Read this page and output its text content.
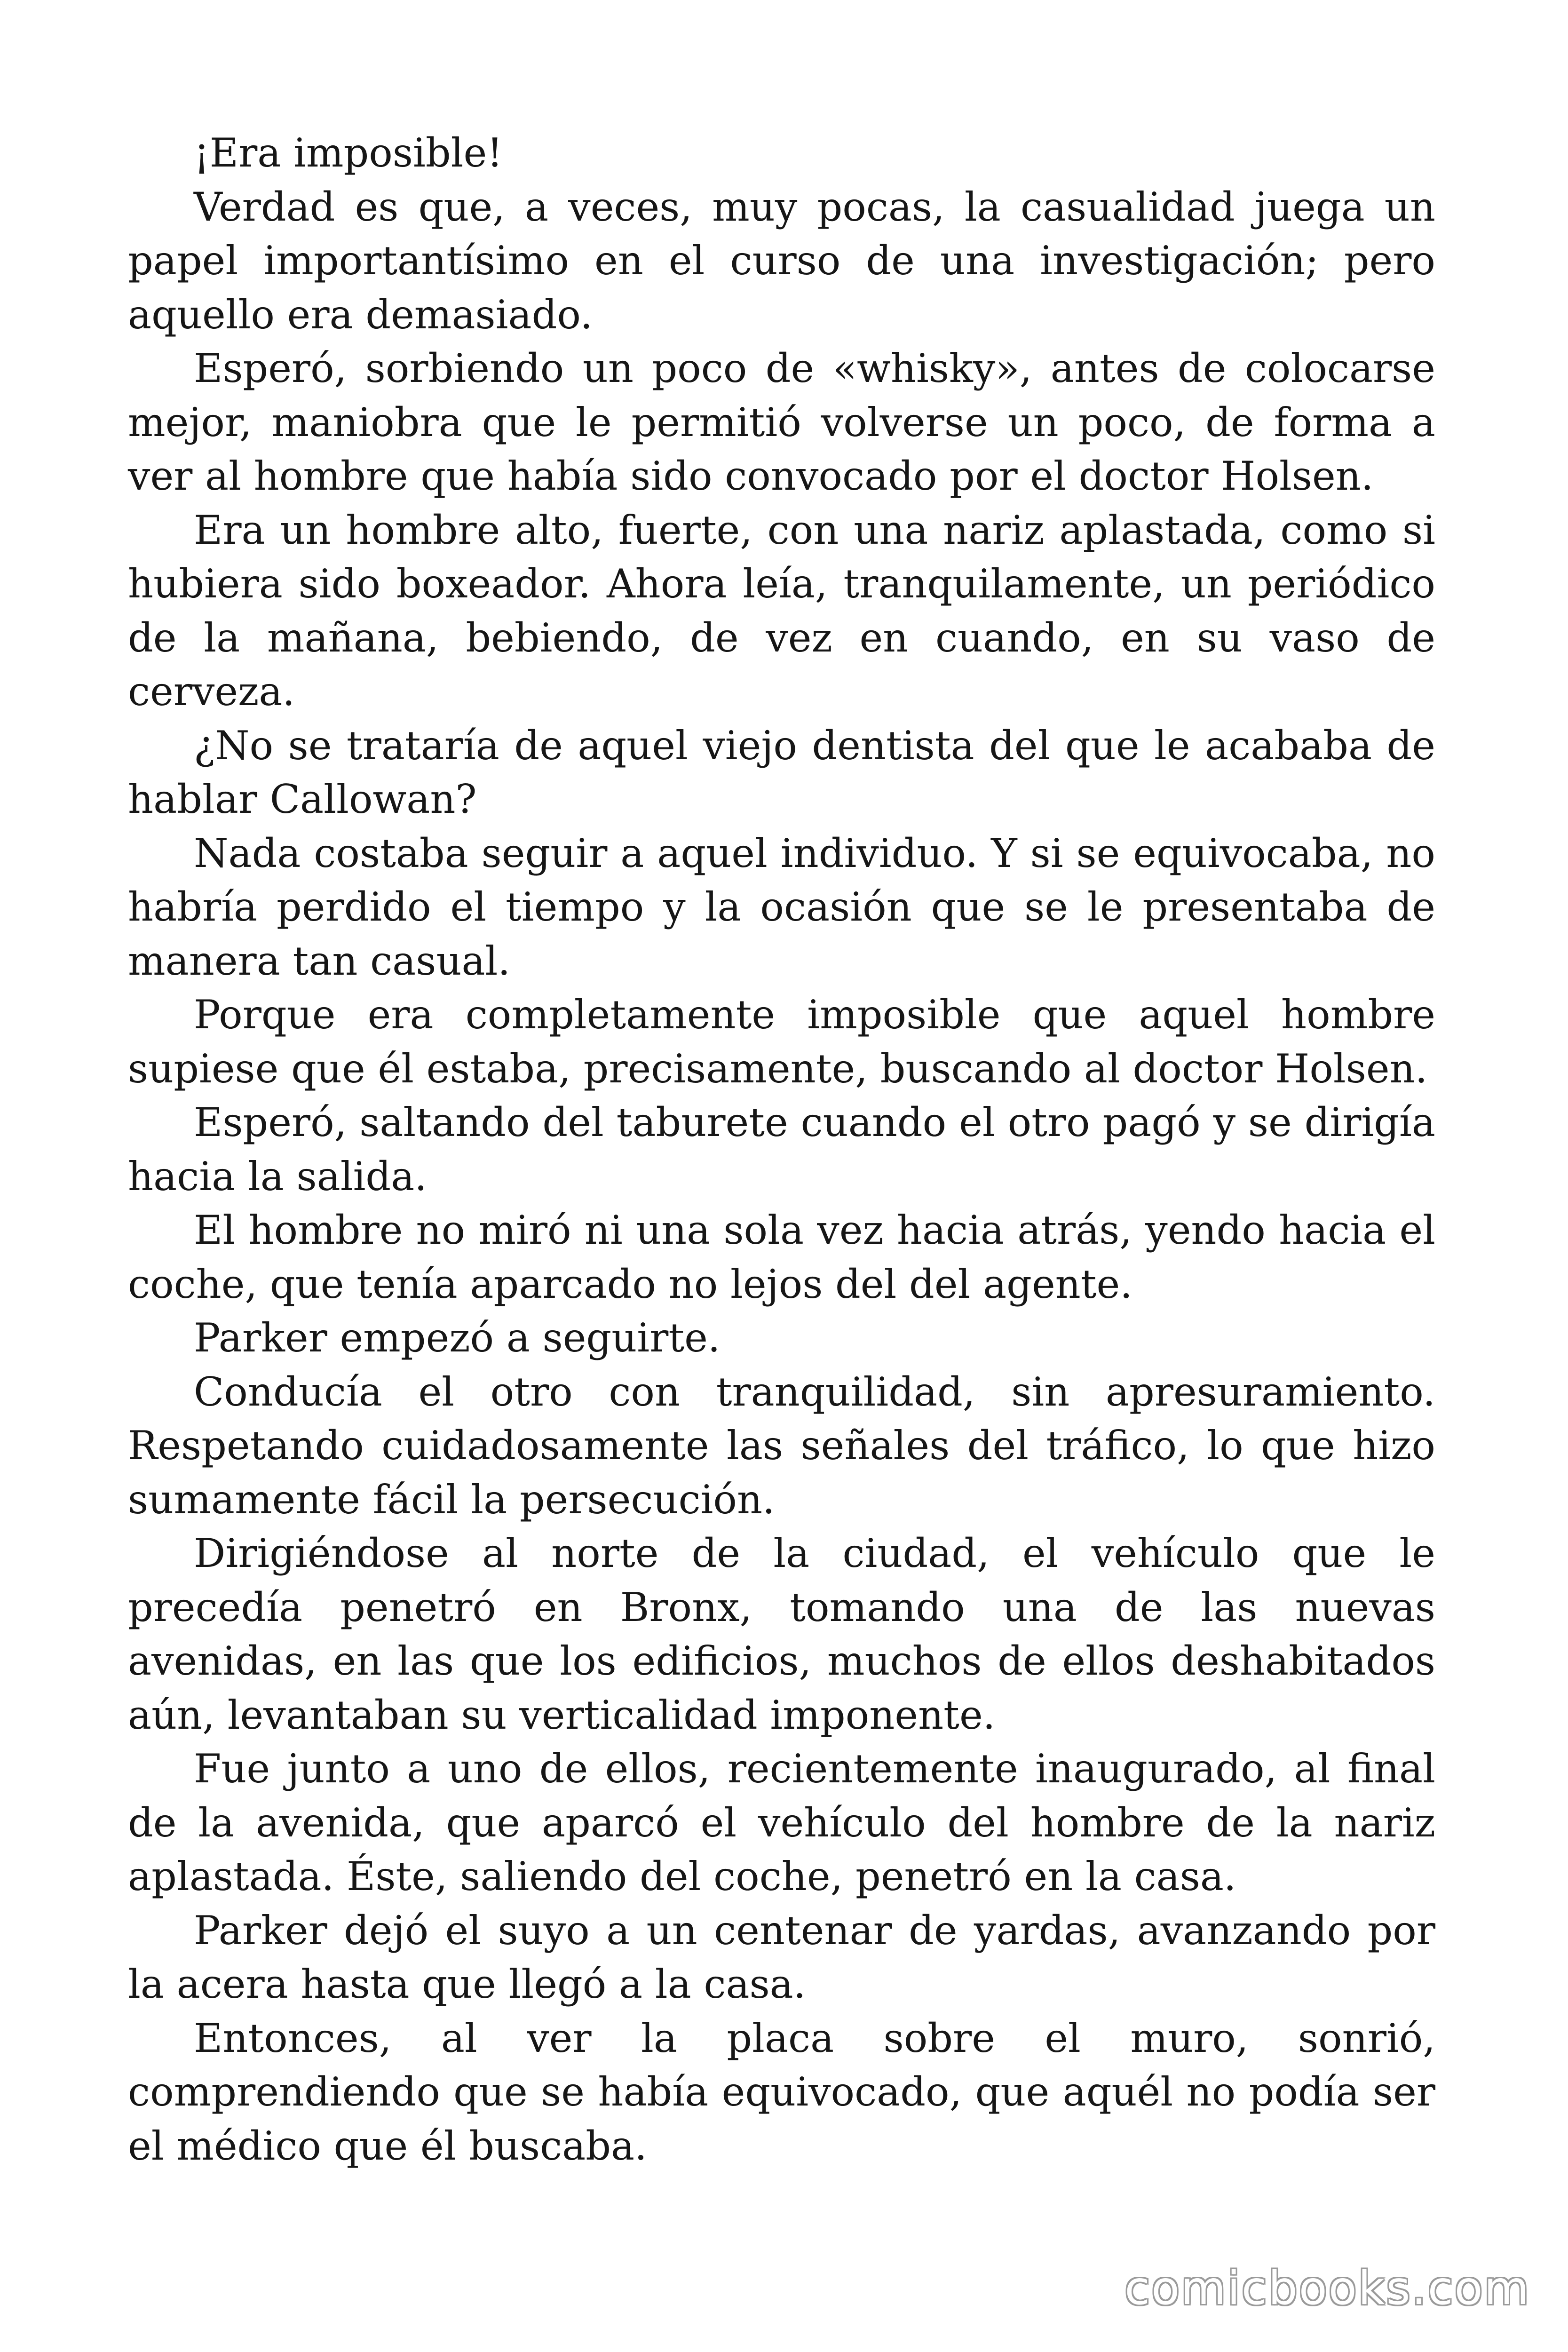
¡Era imposible!

Verdad es que, a veces, muy pocas, la casualidad juega un papel importantísimo en el curso de una investigación; pero aquello era demasiado.

Esperó, sorbiendo un poco de «whisky», antes de colocarse mejor, maniobra que le permitió volverse un poco, de forma a ver al hombre que había sido convocado por el doctor Holsen.

Era un hombre alto, fuerte, con una nariz aplastada, como si hubiera sido boxeador. Ahora leía, tranquilamente, un periódico de la mañana, bebiendo, de vez en cuando, en su vaso de cerveza.

¿No se trataría de aquel viejo dentista del que le acababa de hablar Callowan?

Nada costaba seguir a aquel individuo. Y si se equivocaba, no habría perdido el tiempo y la ocasión que se le presentaba de manera tan casual.

Porque era completamente imposible que aquel hombre supiese que él estaba, precisamente, buscando al doctor Holsen.

Esperó, saltando del taburete cuando el otro pagó y se dirigía hacia la salida.

El hombre no miró ni una sola vez hacia atrás, yendo hacia el coche, que tenía aparcado no lejos del del agente.

Parker empezó a seguirte.

Conducía el otro con tranquilidad, sin apresuramiento. Respetando cuidadosamente las señales del tráfico, lo que hizo sumamente fácil la persecución.

Dirigiéndose al norte de la ciudad, el vehículo que le precedía penetró en Bronx, tomando una de las nuevas avenidas, en las que los edificios, muchos de ellos deshabitados aún, levantaban su verticalidad imponente.

Fue junto a uno de ellos, recientemente inaugurado, al final de la avenida, que aparcó el vehículo del hombre de la nariz aplastada. Éste, saliendo del coche, penetró en la casa.

Parker dejó el suyo a un centenar de yardas, avanzando por la acera hasta que llegó a la casa.

Entonces, al ver la placa sobre el muro, sonrió, comprendiendo que se había equivocado, que aquél no podía ser el médico que él buscaba.

comicbooks.com
